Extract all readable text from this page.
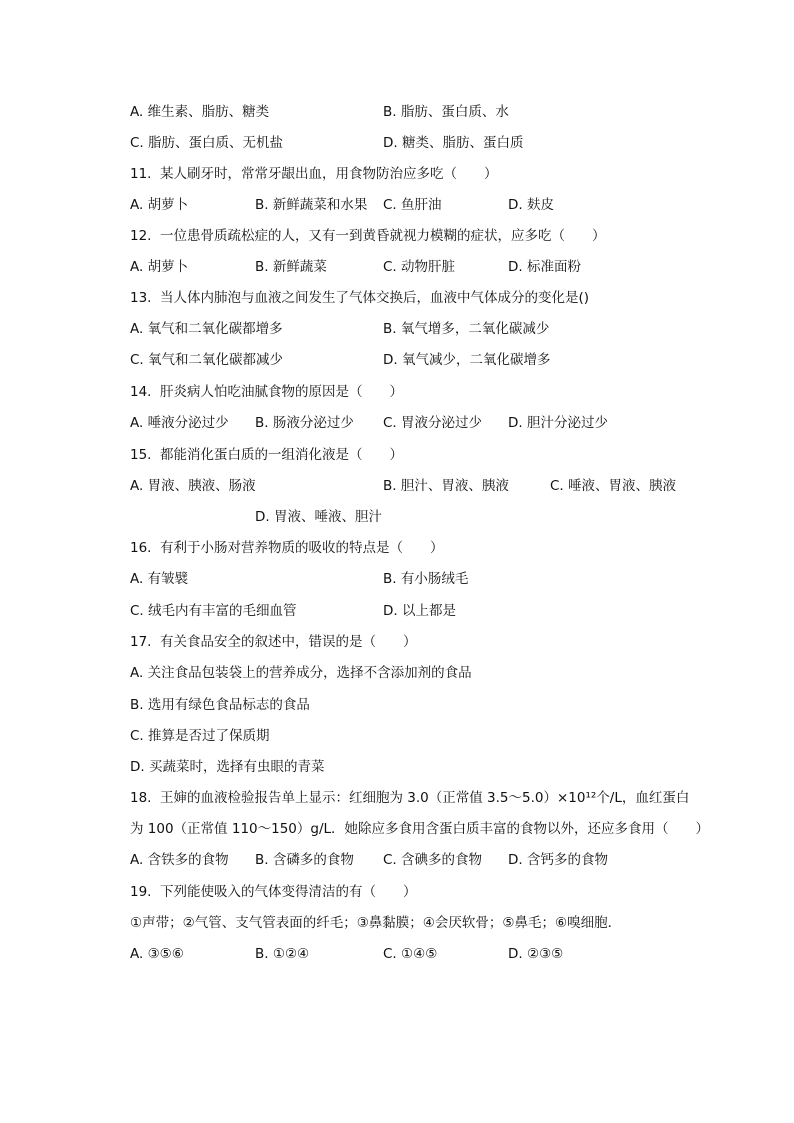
A. 维生素、脂肪、糖类	B. 脂肪、蛋白质、水
C. 脂肪、蛋白质、无机盐	D. 糖类、脂肪、蛋白质
11. 某人刷牙时，常常牙龈出血，用食物防治应多吃（　　）
A. 胡萝卜	B. 新鲜蔬菜和水果 C. 鱼肝油	D. 麸皮
12. 一位患骨质疏松症的人，又有一到黄昏就视力模糊的症状，应多吃（　　）
A. 胡萝卜	B. 新鲜蔬菜	C. 动物肝脏	D. 标准面粉
13. 当人体内肺泡与血液之间发生了气体交换后，血液中气体成分的变化是()
A. 氧气和二氧化碳都增多	B. 氧气增多，二氧化碳减少
C. 氧气和二氧化碳都减少	D. 氧气减少，二氧化碳增多
14. 肝炎病人怕吃油腻食物的原因是（　　）
A. 唾液分泌过少 B. 肠液分泌过少 C. 胃液分泌过少 D. 胆汁分泌过少
15. 都能消化蛋白质的一组消化液是（　　）
A. 胃液、胰液、肠液	B. 胆汁、胃液、胰液	C. 唾液、胃液、胰液
D. 胃液、唾液、胆汁
16. 有利于小肠对营养物质的吸收的特点是（　　）
A. 有皱襞	B. 有小肠绒毛
C. 绒毛内有丰富的毛细血管	D. 以上都是
17. 有关食品安全的叙述中，错误的是（　　）
A. 关注食品包装袋上的营养成分，选择不含添加剂的食品
B. 选用有绿色食品标志的食品
C. 推算是否过了保质期
D. 买蔬菜时，选择有虫眼的青菜
18. 王婶的血液检验报告单上显示：红细胞为 3.0（正常值 3.5～5.0）×10¹²个/L，血红蛋白
为 100（正常值 110～150）g/L．她除应多食用含蛋白质丰富的食物以外，还应多食用（　　）
A. 含铁多的食物 B. 含磷多的食物 C. 含碘多的食物 D. 含钙多的食物
19. 下列能使吸入的气体变得清洁的有（　　）
①声带；②气管、支气管表面的纤毛；③鼻黏膜；④会厌软骨；⑤鼻毛；⑥嗅细胞．
A. ③⑤⑥	B. ①②④	C. ①④⑤	D. ②③⑤
